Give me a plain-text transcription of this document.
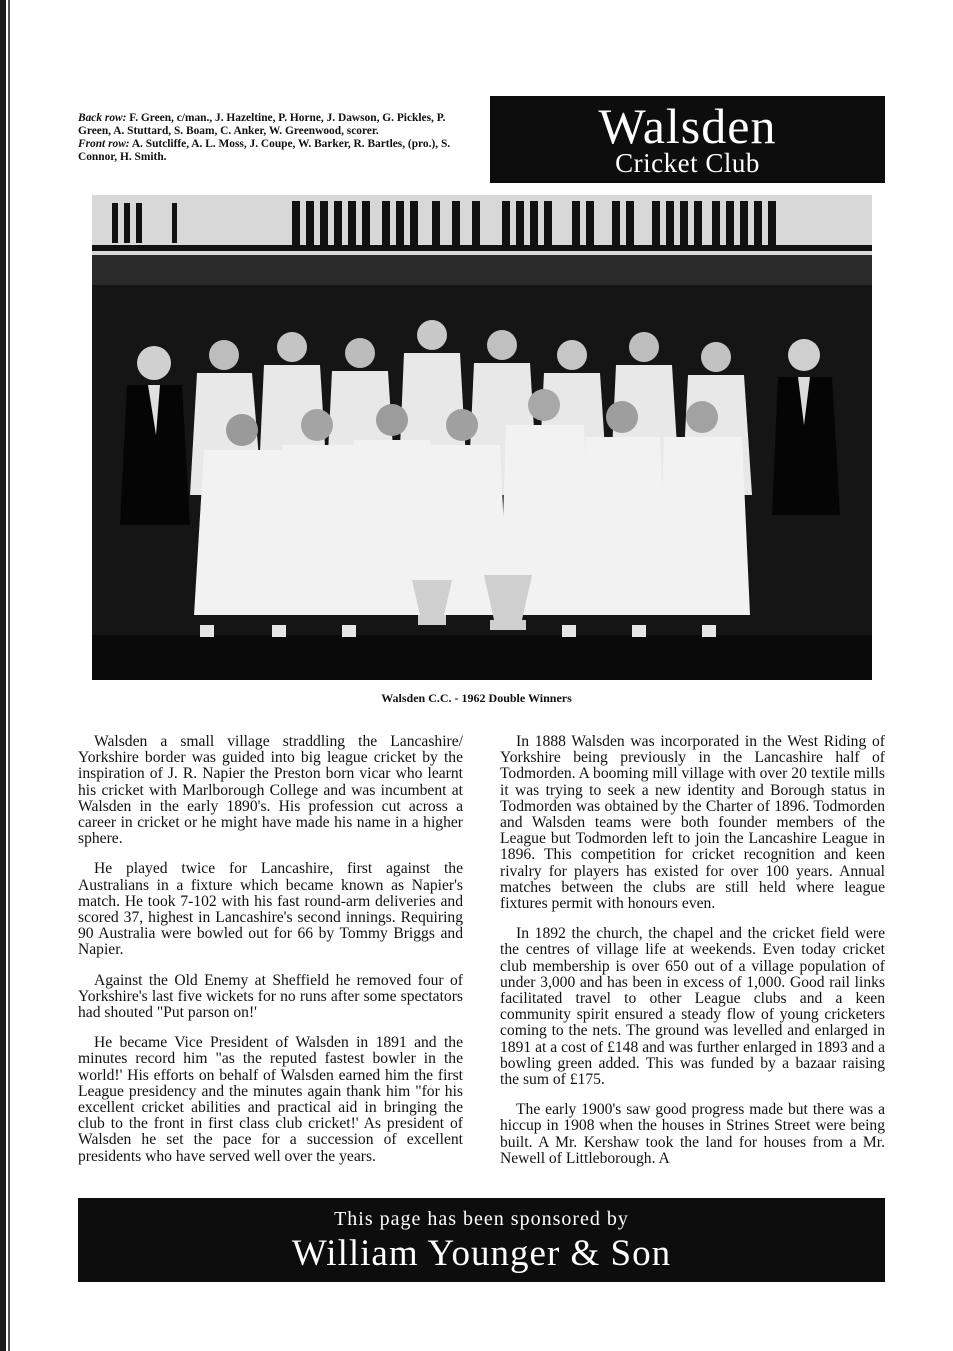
Back row: F. Green, c/man., J. Hazeltine, P. Horne, J. Dawson, G. Pickles, P. Green, A. Stuttard, S. Boam, C. Anker, W. Greenwood, scorer.

Front row: A. Sutcliffe, A. L. Moss, J. Coupe, W. Barker, R. Bartles, (pro.), S. Connor, H. Smith.

Walsden
Cricket Club
Walsden C.C. - 1962 Double Winners

Walsden a small village straddling the Lancashire/ Yorkshire border was guided into big league cricket by the inspiration of J. R. Napier the Preston born vicar who learnt his cricket with Marlborough College and was incumbent at Walsden in the early 1890's. His profession cut across a career in cricket or he might have made his name in a higher sphere.

He played twice for Lancashire, first against the Australians in a fixture which became known as Napier's match. He took 7-102 with his fast round-arm deliveries and scored 37, highest in Lancashire's second innings. Requiring 90 Australia were bowled out for 66 by Tommy Briggs and Napier.

Against the Old Enemy at Sheffield he removed four of Yorkshire's last five wickets for no runs after some spectators had shouted "Put parson on!'

He became Vice President of Walsden in 1891 and the minutes record him "as the reputed fastest bowler in the world!' His efforts on behalf of Walsden earned him the first League presidency and the minutes again thank him "for his excellent cricket abilities and practical aid in bringing the club to the front in first class club cricket!' As president of Walsden he set the pace for a succession of excellent presidents who have served well over the years.

In 1888 Walsden was incorporated in the West Riding of Yorkshire being previously in the Lancashire half of Todmorden. A booming mill village with over 20 textile mills it was trying to seek a new identity and Borough status in Todmorden was obtained by the Charter of 1896. Todmorden and Walsden teams were both founder members of the League but Todmorden left to join the Lancashire League in 1896. This competition for cricket recognition and keen rivalry for players has existed for over 100 years. Annual matches between the clubs are still held where league fixtures permit with honours even.

In 1892 the church, the chapel and the cricket field were the centres of village life at weekends. Even today cricket club membership is over 650 out of a village population of under 3,000 and has been in excess of 1,000. Good rail links facilitated travel to other League clubs and a keen community spirit ensured a steady flow of young cricketers coming to the nets. The ground was levelled and enlarged in 1891 at a cost of £148 and was further enlarged in 1893 and a bowling green added. This was funded by a bazaar raising the sum of £175.

The early 1900's saw good progress made but there was a hiccup in 1908 when the houses in Strines Street were being built. A Mr. Kershaw took the land for houses from a Mr. Newell of Littleborough. A

This page has been sponsored by
William Younger & Son
